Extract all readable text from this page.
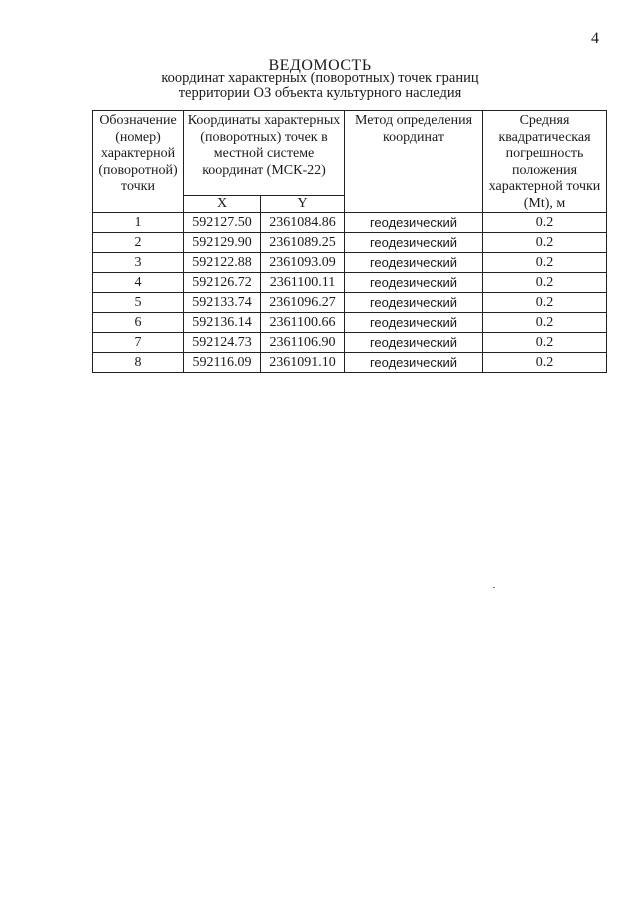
4
ВЕДОМОСТЬ
координат характерных (поворотных) точек границ
территории ОЗ объекта культурного наследия
Обозначение (номер) характерной (поворотной) точки	Координаты характерных (поворотных) точек в местной системе координат (МСК-22)		Метод определения координат	Средняя квадратическая погрешность положения характерной точки (Mt), м
	X	Y		
1	592127.50	2361084.86	геодезический	0.2
2	592129.90	2361089.25	геодезический	0.2
3	592122.88	2361093.09	геодезический	0.2
4	592126.72	2361100.11	геодезический	0.2
5	592133.74	2361096.27	геодезический	0.2
6	592136.14	2361100.66	геодезический	0.2
7	592124.73	2361106.90	геодезический	0.2
8	592116.09	2361091.10	геодезический	0.2
